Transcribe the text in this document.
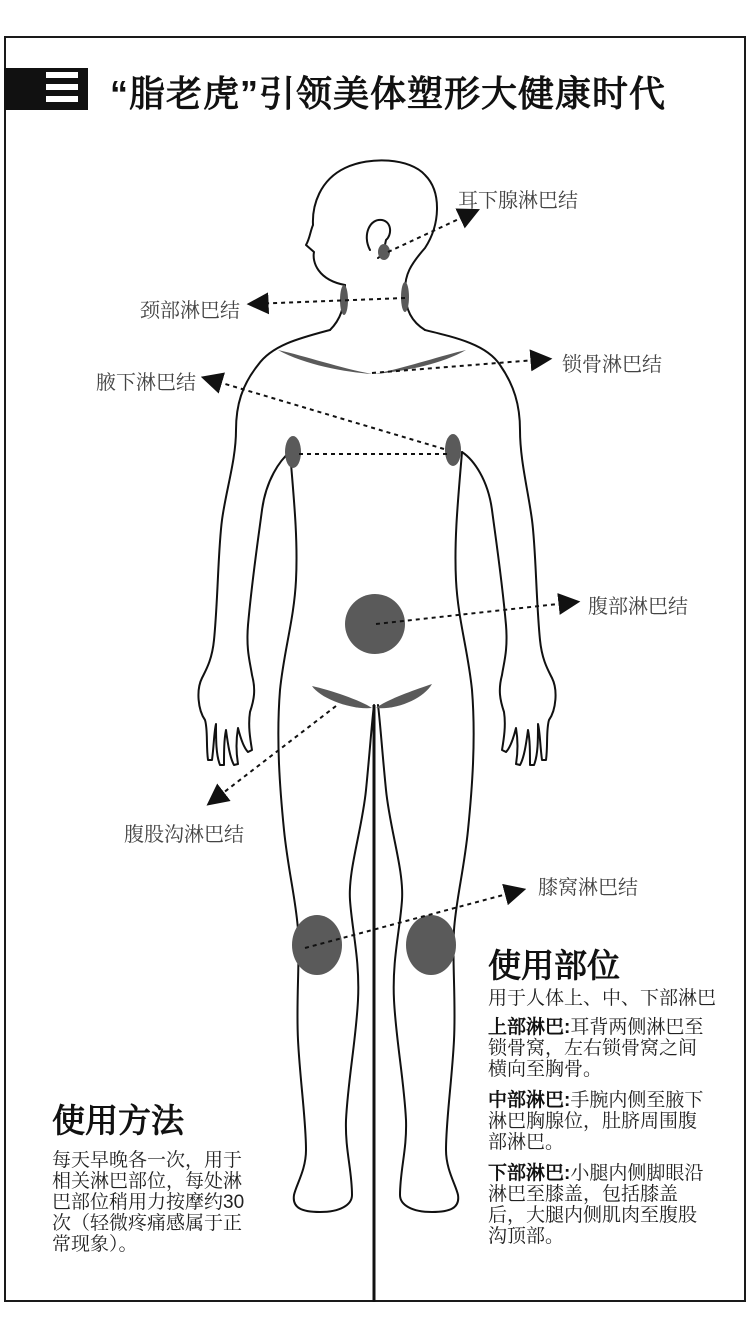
“脂老虎”引领美体塑形大健康时代
耳下腺淋巴结
颈部淋巴结
锁骨淋巴结
腋下淋巴结
腹部淋巴结
腹股沟淋巴结
膝窝淋巴结
使用部位
用于人体上、中、下部淋巴
上部淋巴:耳背两侧淋巴至锁骨窝，左右锁骨窝之间横向至胸骨。
中部淋巴:手腕内侧至腋下淋巴胸腺位，肚脐周围腹部淋巴。
下部淋巴:小腿内侧脚眼沿淋巴至膝盖，包括膝盖后，大腿内侧肌肉至腹股沟顶部。
使用方法
每天早晚各一次，用于相关淋巴部位，每处淋巴部位稍用力按摩约30次（轻微疼痛感属于正常现象）。
